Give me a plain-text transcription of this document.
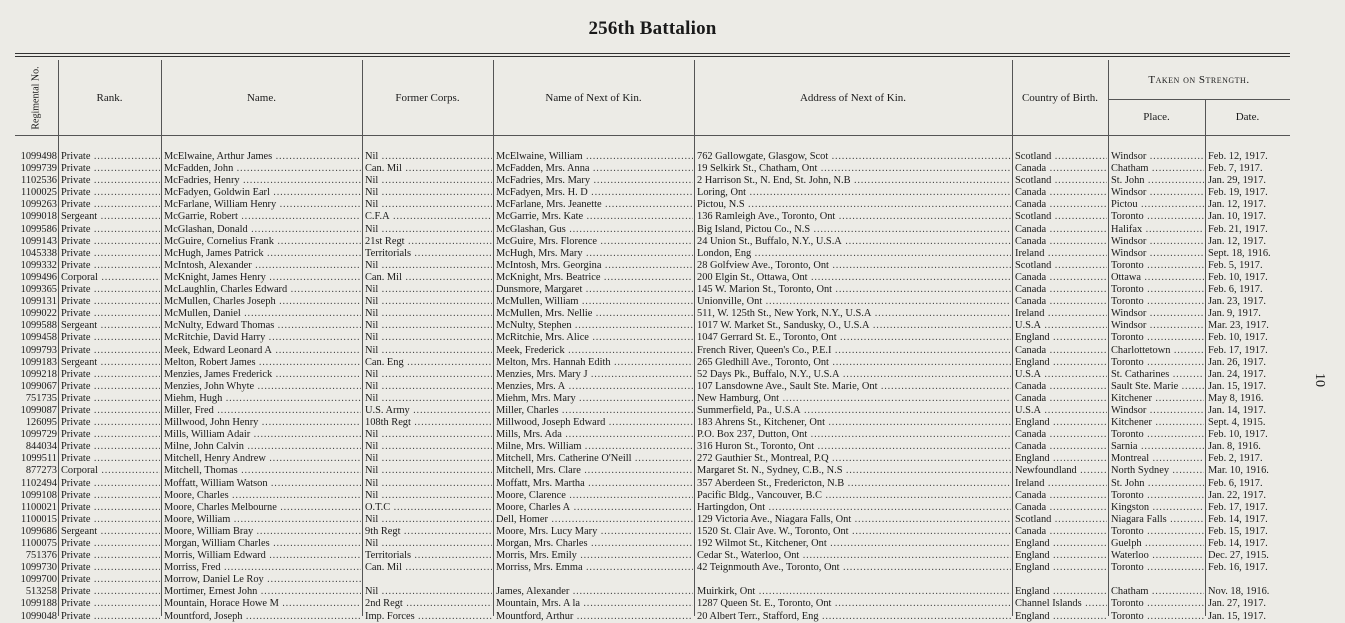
256th Battalion
10
Regimental No.	Rank.	Name.	Former Corps.	Name of Next of Kin.	Address of Next of Kin.	Country of Birth.
Taken on Strength.
Place.	Date.
1099498 Private .....	McElwaine, Arthur James .....	Nil .....	McElwaine, William .....	762 Gallowgate, Glasgow, Scot .....	Scotland .....	Windsor .....	Feb. 12, 1917.
1099739 Private .....	McFadden, John .....	Can. Mil .....	McFadden, Mrs. Anna .....	19 Selkirk St., Chatham, Ont .....	Canada .....	Chatham .....	Feb. 7, 1917.
1102536 Private .....	McFadries, Henry .....	Nil .....	McFadries, Mrs. Mary .....	2 Harrison St., N. End, St. John, N.B .....	Scotland .....	St. John .....	Jan. 29, 1917.
1100025 Private .....	McFadyen, Goldwin Earl .....	Nil .....	McFadyen, Mrs. H. D .....	Loring, Ont .....	Canada .....	Windsor .....	Feb. 19, 1917.
1099263 Private .....	McFarlane, William Henry .....	Nil .....	McFarlane, Mrs. Jeanette .....	Pictou, N.S .....	Canada .....	Pictou .....	Jan. 12, 1917.
1099018 Sergeant .....	McGarrie, Robert .....	C.F.A .....	McGarrie, Mrs. Kate .....	136 Ramleigh Ave., Toronto, Ont .....	Scotland .....	Toronto .....	Jan. 10, 1917.
1099586 Private .....	McGlashan, Donald .....	Nil .....	McGlashan, Gus .....	Big Island, Pictou Co., N.S .....	Canada .....	Halifax .....	Feb. 21, 1917.
1099143 Private .....	McGuire, Cornelius Frank .....	21st Regt .....	McGuire, Mrs. Florence .....	24 Union St., Buffalo, N.Y., U.S.A .....	Canada .....	Windsor .....	Jan. 12, 1917.
1045338 Private .....	McHugh, James Patrick .....	Territorials .....	McHugh, Mrs. Mary .....	London, Eng .....	Ireland .....	Windsor .....	Sept. 18, 1916.
1099332 Private .....	McIntosh, Alexander .....	Nil .....	McIntosh, Mrs. Georgina .....	28 Golfview Ave., Toronto, Ont .....	Scotland .....	Toronto .....	Feb. 5, 1917.
1099496 Corporal .....	McKnight, James Henry .....	Can. Mil .....	McKnight, Mrs. Beatrice .....	200 Elgin St., Ottawa, Ont .....	Canada .....	Ottawa .....	Feb. 10, 1917.
1099365 Private .....	McLaughlin, Charles Edward .....	Nil .....	Dunsmore, Margaret .....	145 W. Marion St., Toronto, Ont .....	Canada .....	Toronto .....	Feb. 6, 1917.
1099131 Private .....	McMullen, Charles Joseph .....	Nil .....	McMullen, William .....	Unionville, Ont .....	Canada .....	Toronto .....	Jan. 23, 1917.
1099022 Private .....	McMullen, Daniel .....	Nil .....	McMullen, Mrs. Nellie .....	511, W. 125th St., New York, N.Y., U.S.A .....	Ireland .....	Windsor .....	Jan. 9, 1917.
1099588 Sergeant .....	McNulty, Edward Thomas .....	Nil .....	McNulty, Stephen .....	1017 W. Market St., Sandusky, O., U.S.A .....	U.S.A .....	Windsor .....	Mar. 23, 1917.
1099458 Private .....	McRitchie, David Harry .....	Nil .....	McRitchie, Mrs. Alice .....	1047 Gerrard St. E., Toronto, Ont .....	England .....	Toronto .....	Feb. 10, 1917.
1099793 Private .....	Meek, Edward Leonard A .....	Nil .....	Meek, Frederick .....	French River, Queen's Co., P.E.I .....	Canada .....	Charlottetown .....	Feb. 17, 1917.
1099183 Sergeant .....	Melton, Robert James .....	Can. Eng .....	Melton, Mrs. Hannah Edith .....	265 Gledhill Ave., Toronto, Ont .....	England .....	Toronto .....	Jan. 26, 1917.
1099218 Private .....	Menzies, James Frederick .....	Nil .....	Menzies, Mrs. Mary J .....	52 Days Pk., Buffalo, N.Y., U.S.A .....	U.S.A .....	St. Catharines .....	Jan. 24, 1917.
1099067 Private .....	Menzies, John Whyte .....	Nil .....	Menzies, Mrs. A .....	107 Lansdowne Ave., Sault Ste. Marie, Ont .....	Canada .....	Sault Ste. Marie .....	Jan. 15, 1917.
751735 Private .....	Miehm, Hugh .....	Nil .....	Miehm, Mrs. Mary .....	New Hamburg, Ont .....	Canada .....	Kitchener .....	May 8, 1916.
1099087 Private .....	Miller, Fred .....	U.S. Army .....	Miller, Charles .....	Summerfield, Pa., U.S.A .....	U.S.A .....	Windsor .....	Jan. 14, 1917.
126095 Private .....	Millwood, John Henry .....	108th Regt .....	Millwood, Joseph Edward .....	183 Ahrens St., Kitchener, Ont .....	England .....	Kitchener .....	Sept. 4, 1915.
1099729 Private .....	Mills, William Adair .....	Nil .....	Mills, Mrs. Ada .....	P.O. Box 237, Dutton, Ont .....	Canada .....	Toronto .....	Feb. 10, 1917.
844034 Private .....	Milne, John Calvin .....	Nil .....	Milne, Mrs. William .....	316 Huron St., Toronto, Ont .....	Canada .....	Sarnia .....	Jan. 8, 1916.
1099511 Private .....	Mitchell, Henry Andrew .....	Nil .....	Mitchell, Mrs. Catherine O'Neill .....	272 Gauthier St., Montreal, P.Q .....	England .....	Montreal .....	Feb. 2, 1917.
877273 Corporal .....	Mitchell, Thomas .....	Nil .....	Mitchell, Mrs. Clare .....	Margaret St. N., Sydney, C.B., N.S .....	Newfoundland .....	North Sydney .....	Mar. 10, 1916.
1102494 Private .....	Moffatt, William Watson .....	Nil .....	Moffatt, Mrs. Martha .....	357 Aberdeen St., Fredericton, N.B .....	Ireland .....	St. John .....	Feb. 6, 1917.
1099108 Private .....	Moore, Charles .....	Nil .....	Moore, Clarence .....	Pacific Bldg., Vancouver, B.C .....	Canada .....	Toronto .....	Jan. 22, 1917.
1100021 Private .....	Moore, Charles Melbourne .....	O.T.C .....	Moore, Charles A .....	Hartingdon, Ont .....	Canada .....	Kingston .....	Feb. 17, 1917.
1100015 Private .....	Moore, William .....	Nil .....	Dell, Homer .....	129 Victoria Ave., Niagara Falls, Ont .....	Scotland .....	Niagara Falls .....	Feb. 14, 1917.
1099686 Sergeant .....	Moore, William Bray .....	9th Regt .....	Moore, Mrs. Lucy Mary .....	1520 St. Clair Ave. W., Toronto, Ont .....	Canada .....	Toronto .....	Feb. 15, 1917.
1100075 Private .....	Morgan, William Charles .....	Nil .....	Morgan, Mrs. Charles .....	192 Wilmot St., Kitchener, Ont .....	England .....	Guelph .....	Feb. 14, 1917.
751376 Private .....	Morris, William Edward .....	Territorials .....	Morris, Mrs. Emily .....	Cedar St., Waterloo, Ont .....	England .....	Waterloo .....	Dec. 27, 1915.
1099730 Private .....	Morriss, Fred .....	Can. Mil .....	Morriss, Mrs. Emma .....	42 Teignmouth Ave., Toronto, Ont .....	England .....	Toronto .....	Feb. 16, 1917.
1099700 Private .....	Morrow, Daniel Le Roy .....
513258 Private .....	Mortimer, Ernest John .....	Nil .....	James, Alexander .....	Muirkirk, Ont .....	England .....	Chatham .....	Nov. 18, 1916.
1099188 Private .....	Mountain, Horace Howe M .....	2nd Regt .....	Mountain, Mrs. A la .....	1287 Queen St. E., Toronto, Ont .....	Channel Islands .....	Toronto .....	Jan. 27, 1917.
1099048 Private .....	Mountford, Joseph .....	Imp. Forces .....	Mountford, Arthur .....	20 Albert Terr., Stafford, Eng .....	England .....	Toronto .....	Jan. 15, 1917.
